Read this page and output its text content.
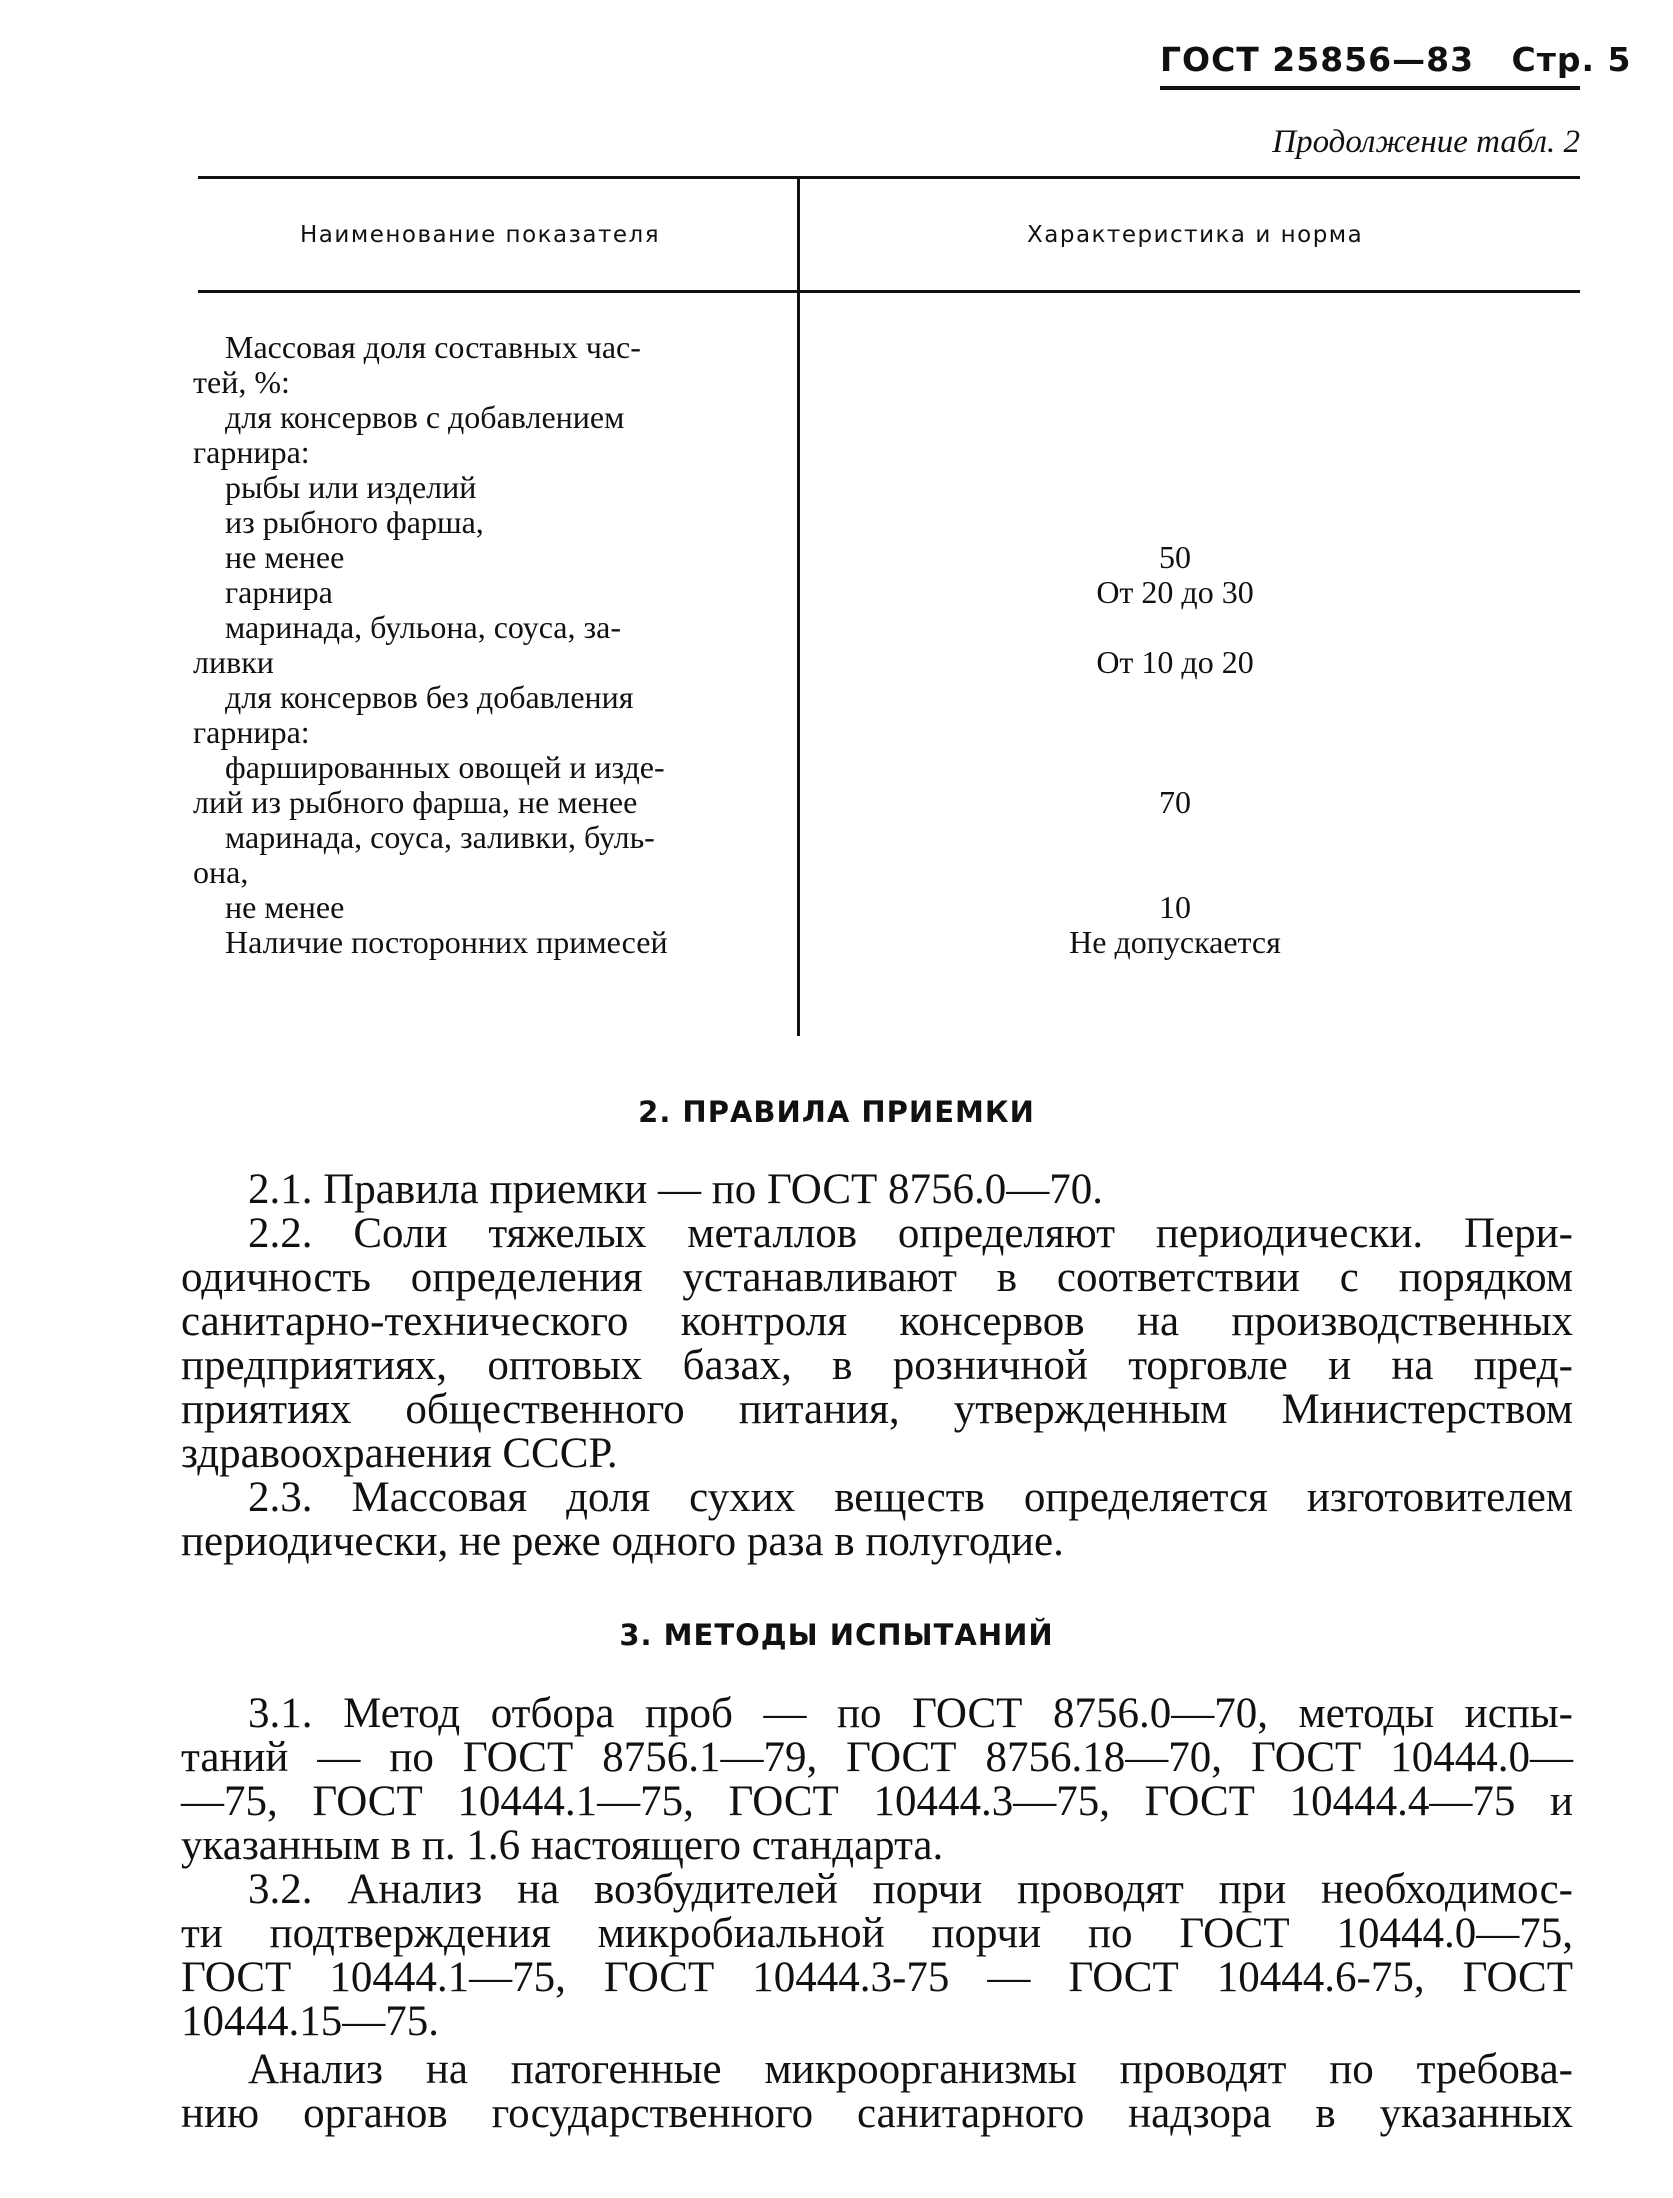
ГОСТ 25856—83 Стр. 5
Продолжение табл. 2
Наименование показателя	Характеристика и норма
Массовая доля составных час-
тей, %:
для консервов с добавлением
гарнира:
рыбы или изделий
из рыбного фарша,
не менее
гарнира
маринада, бульона, соуса, за-
ливки
для консервов без добавления
гарнира:
фаршированных овощей и изде-
лий из рыбного фарша, не менее
маринада, соуса, заливки, буль-
она,
не менее
Наличие посторонних примесей
50
От 20 до 30
От 10 до 20
70
10
Не допускается
2. ПРАВИЛА ПРИЕМКИ
2.1. Правила приемки — по ГОСТ 8756.0—70.
2.2. Соли тяжелых металлов определяют периодически. Пери-
одичность определения устанавливают в соответствии с порядком
санитарно-технического контроля консервов на производственных
предприятиях, оптовых базах, в розничной торговле и на пред-
приятиях общественного питания, утвержденным Министерством
здравоохранения СССР.
2.3. Массовая доля сухих веществ определяется изготовителем
периодически, не реже одного раза в полугодие.
3. МЕТОДЫ ИСПЫТАНИЙ
3.1. Метод отбора проб — по ГОСТ 8756.0—70, методы испы-
таний — по ГОСТ 8756.1—79, ГОСТ 8756.18—70, ГОСТ 10444.0—
—75, ГОСТ 10444.1—75, ГОСТ 10444.3—75, ГОСТ 10444.4—75 и
указанным в п. 1.6 настоящего стандарта.
3.2. Анализ на возбудителей порчи проводят при необходимос-
ти подтверждения микробиальной порчи по ГОСТ 10444.0—75,
ГОСТ 10444.1—75, ГОСТ 10444.3-75 — ГОСТ 10444.6-75, ГОСТ
10444.15—75.
Анализ на патогенные микроорганизмы проводят по требова-
нию органов государственного санитарного надзора в указанных
